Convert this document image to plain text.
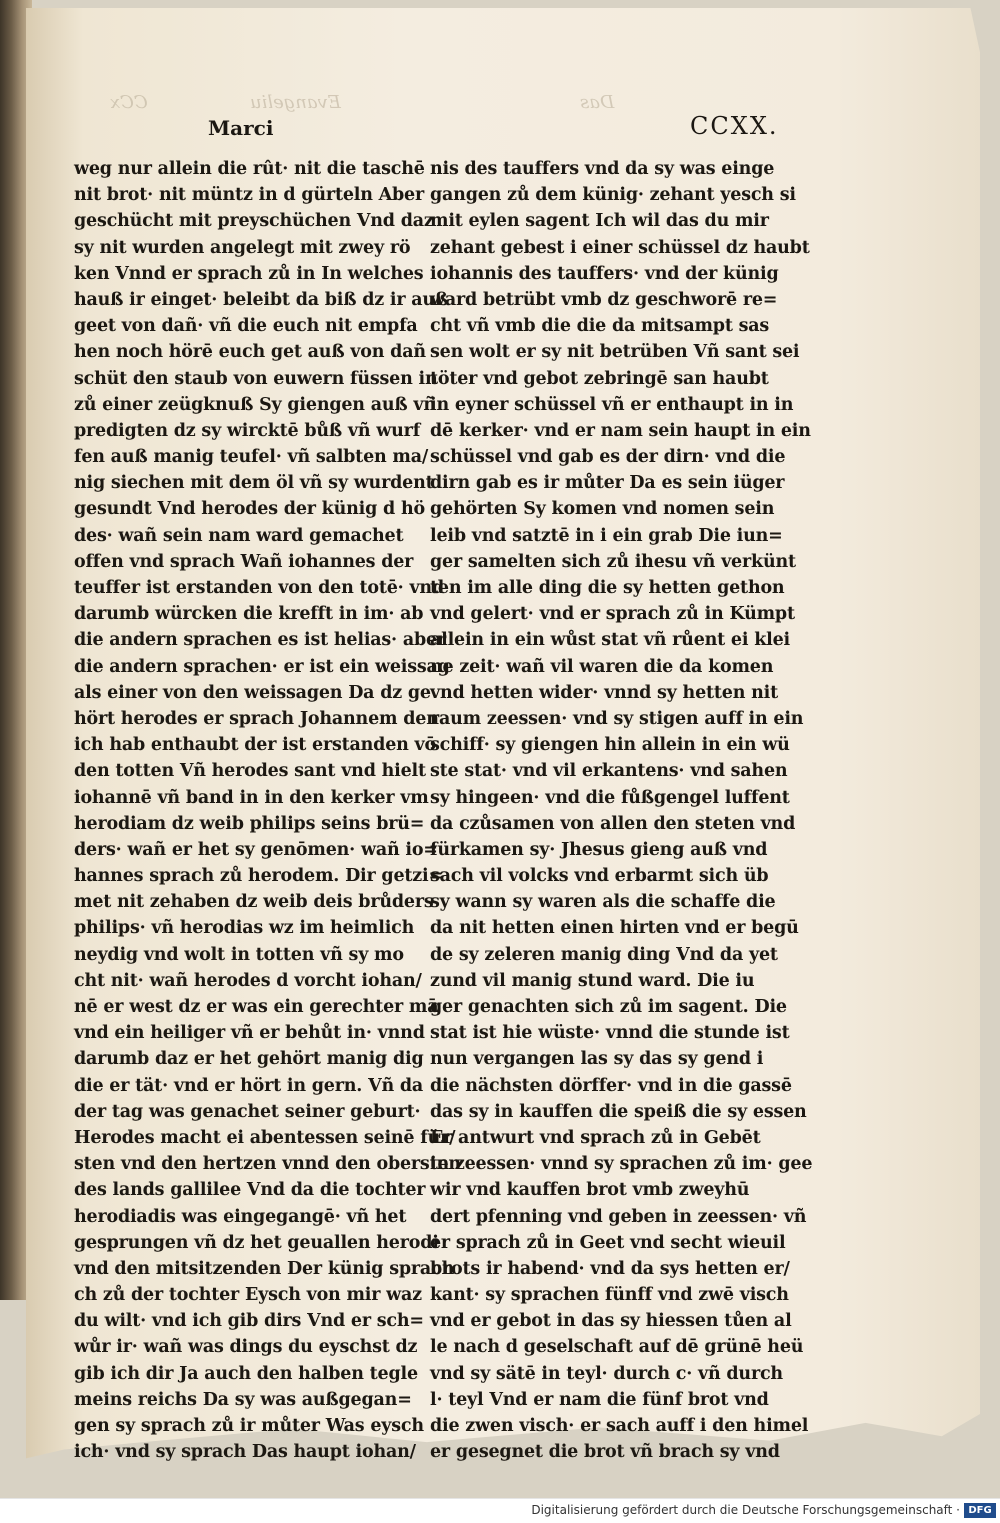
CCx	Evangeliu	Das
Marci	CCXX.
weg nur allein die rût· nit die taschē
nit brot· nit müntz in d gürteln Aber
geschücht mit preyschüchen Vnd daz
sy nit wurden angelegt mit zwey rö
ken Vnnd er sprach zů in In welches
hauß ir einget· beleibt da biß dz ir auß
geet von dañ· vñ die euch nit empfa
hen noch hörē euch get auß von dañ
schüt den staub von euwern füssen in
zů einer zeügknuß Sy giengen auß vñ
predigten dz sy wircktē bůß vñ wurf
fen auß manig teufel· vñ salbten ma/
nig siechen mit dem öl vñ sy wurdent
gesundt Vnd herodes der künig d hö
des· wañ sein nam ward gemachet
offen vnd sprach Wañ iohannes der
teuffer ist erstanden von den totē· vnd
darumb würcken die krefft in im· ab
die andern sprachen es ist helias· aber
die andern sprachen· er ist ein weissag
als einer von den weissagen Da dz ge
hört herodes er sprach Johannem den
ich hab enthaubt der ist erstanden vō
den totten Vñ herodes sant vnd hielt
iohannē vñ band in in den kerker vm
herodiam dz weib philips seins brü=
ders· wañ er het sy genōmen· wañ io=
hannes sprach zů herodem. Dir getzi=
met nit zehaben dz weib deis brůders
philips· vñ herodias wz im heimlich
neydig vnd wolt in totten vñ sy mo
cht nit· wañ herodes d vorcht iohan/
nē er west dz er was ein gerechter mā
vnd ein heiliger vñ er behůt in· vnnd
darumb daz er het gehört manig dig
die er tät· vnd er hört in gern. Vñ da
der tag was genachet seiner geburt·
Herodes macht ei abentessen seinē für/
sten vnd den hertzen vnnd den obersten
des lands gallilee Vnd da die tochter
herodiadis was eingegangē· vñ het
gesprungen vñ dz het geuallen herodi
vnd den mitsitzenden Der künig sprach
ch zů der tochter Eysch von mir waz
du wilt· vnd ich gib dirs Vnd er sch=
wůr ir· wañ was dings du eyschst dz
gib ich dir Ja auch den halben tegle
meins reichs Da sy was außgegan=
gen sy sprach zů ir můter Was eysch
ich· vnd sy sprach Das haupt iohan/
nis des tauffers vnd da sy was einge
gangen zů dem künig· zehant yesch si
mit eylen sagent Ich wil das du mir
zehant gebest i einer schüssel dz haubt
iohannis des tauffers· vnd der künig
ward betrübt vmb dz geschworē re=
cht vñ vmb die die da mitsampt sas
sen wolt er sy nit betrüben Vñ sant sei
töter vnd gebot zebringē san haubt
in eyner schüssel vñ er enthaupt in in
dē kerker· vnd er nam sein haupt in ein
schüssel vnd gab es der dirn· vnd die
dirn gab es ir můter Da es sein iüger
gehörten Sy komen vnd nomen sein
leib vnd satztē in i ein grab Die iun=
ger samelten sich zů ihesu vñ verkünt
ten im alle ding die sy hetten gethon
vnd gelert· vnd er sprach zů in Kümpt
allein in ein wůst stat vñ růent ei klei
ne zeit· wañ vil waren die da komen
vnd hetten wider· vnnd sy hetten nit
raum zeessen· vnd sy stigen auff in ein
schiff· sy giengen hin allein in ein wü
ste stat· vnd vil erkantens· vnd sahen
sy hingeen· vnd die fůßgengel luffent
da czůsamen von allen den steten vnd
fürkamen sy· Jhesus gieng auß vnd
sach vil volcks vnd erbarmt sich üb
sy wann sy waren als die schaffe die
da nit hetten einen hirten vnd er begū
de sy zeleren manig ding Vnd da yet
zund vil manig stund ward. Die iu
ger genachten sich zů im sagent. Die
stat ist hie wüste· vnnd die stunde ist
nun vergangen las sy das sy gend i
die nächsten dörffer· vnd in die gassē
das sy in kauffen die speiß die sy essen
Er antwurt vnd sprach zů in Gebēt
in zeessen· vnnd sy sprachen zů im· gee
wir vnd kauffen brot vmb zweyhū
dert pfenning vnd geben in zeessen· vñ
er sprach zů in Geet vnd secht wieuil
brots ir habend· vnd da sys hetten er/
kant· sy sprachen fünff vnd zwē visch
vnd er gebot in das sy hiessen tůen al
le nach d geselschaft auf dē grünē heü
vnd sy sätē in teyl· durch c· vñ durch
l· teyl Vnd er nam die fünf brot vnd
die zwen visch· er sach auff i den himel
er gesegnet die brot vñ brach sy vnd
Digitalisierung gefördert durch die Deutsche Forschungsgemeinschaft · DFG
